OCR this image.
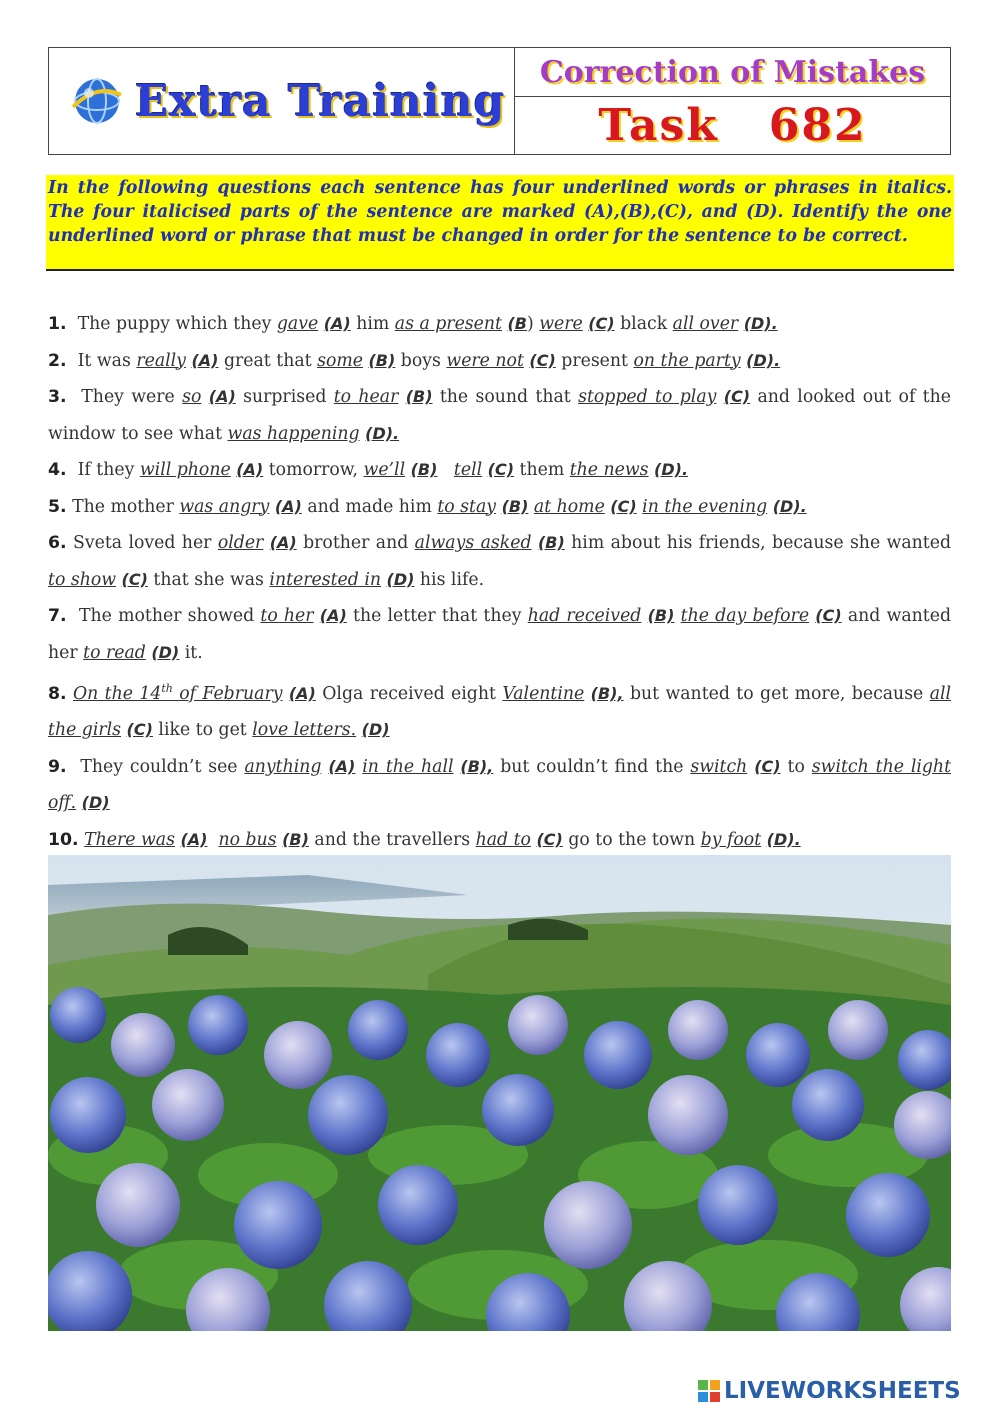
Extra Training
Correction of Mistakes
Task 682
In the following questions each sentence has four underlined words or phrases in italics. The four italicised parts of the sentence are marked (A),(B),(C), and (D). Identify the one underlined word or phrase that must be changed in order for the sentence to be correct.
1. The puppy which they gave (A) him as a present (B) were (C) black all over (D).
2. It was really (A) great that some (B) boys were not (C) present on the party (D).
3. They were so (A) surprised to hear (B) the sound that stopped to play (C) and looked out of the window to see what was happening (D).
4. If they will phone (A) tomorrow, we’ll (B) tell (C) them the news (D).
5. The mother was angry (A) and made him to stay (B) at home (C) in the evening (D).
6. Sveta loved her older (A) brother and always asked (B) him about his friends, because she wanted to show (C) that she was interested in (D) his life.
7. The mother showed to her (A) the letter that they had received (B) the day before (C) and wanted her to read (D) it.
8. On the 14th of February (A) Olga received eight Valentine (B), but wanted to get more, because all the girls (C) like to get love letters. (D)
9. They couldn’t see anything (A) in the hall (B), but couldn’t find the switch (C) to switch the light off. (D)
10. There was (A) no bus (B) and the travellers had to (C) go to the town by foot (D).
LIVEWORKSHEETS
